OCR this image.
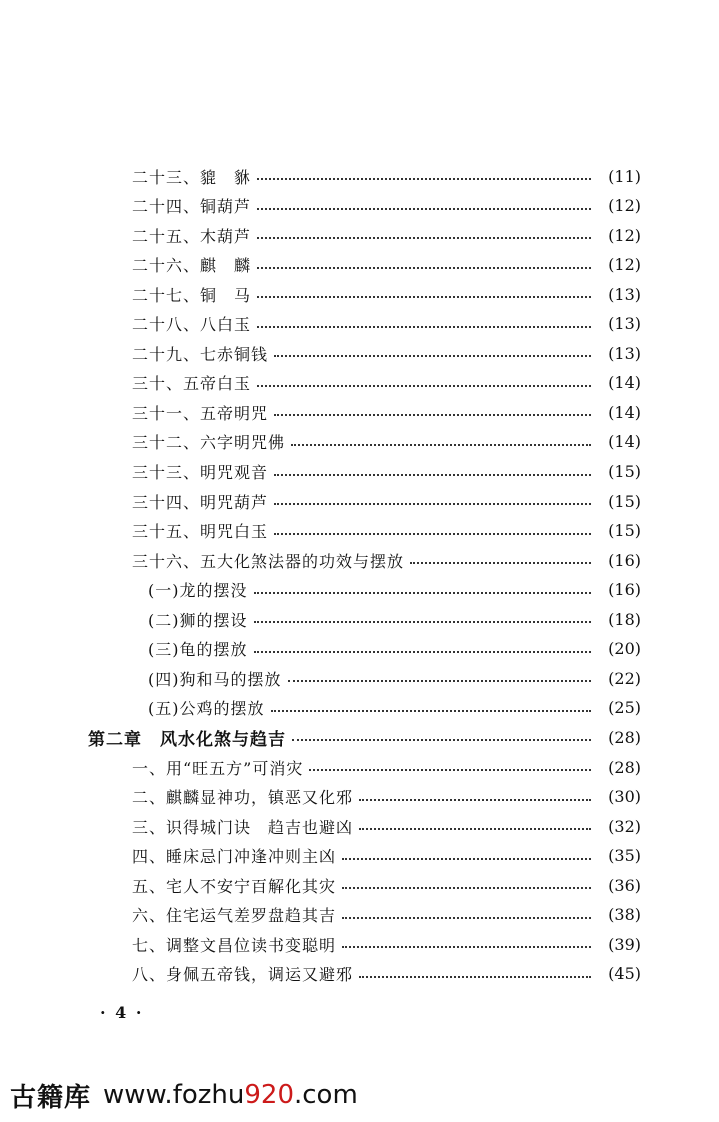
二十三、貔　貅	(11)
二十四、铜葫芦	(12)
二十五、木葫芦	(12)
二十六、麒　麟	(12)
二十七、铜　马	(13)
二十八、八白玉	(13)
二十九、七赤铜钱	(13)
三十、五帝白玉	(14)
三十一、五帝明咒	(14)
三十二、六字明咒佛	(14)
三十三、明咒观音	(15)
三十四、明咒葫芦	(15)
三十五、明咒白玉	(15)
三十六、五大化煞法器的功效与摆放	(16)
(一)龙的摆没	(16)
(二)狮的摆设	(18)
(三)龟的摆放	(20)
(四)狗和马的摆放	(22)
(五)公鸡的摆放	(25)
第二章　风水化煞与趋吉	(28)
一、用“旺五方”可消灾	(28)
二、麒麟显神功，镇恶又化邪	(30)
三、识得城门诀　趋吉也避凶	(32)
四、睡床忌门冲逢冲则主凶	(35)
五、宅人不安宁百解化其灾	(36)
六、住宅运气差罗盘趋其吉	(38)
七、调整文昌位读书变聪明	(39)
八、身佩五帝钱，调运又避邪	(45)
· 4 ·
古籍库 www.fozhu920.com
